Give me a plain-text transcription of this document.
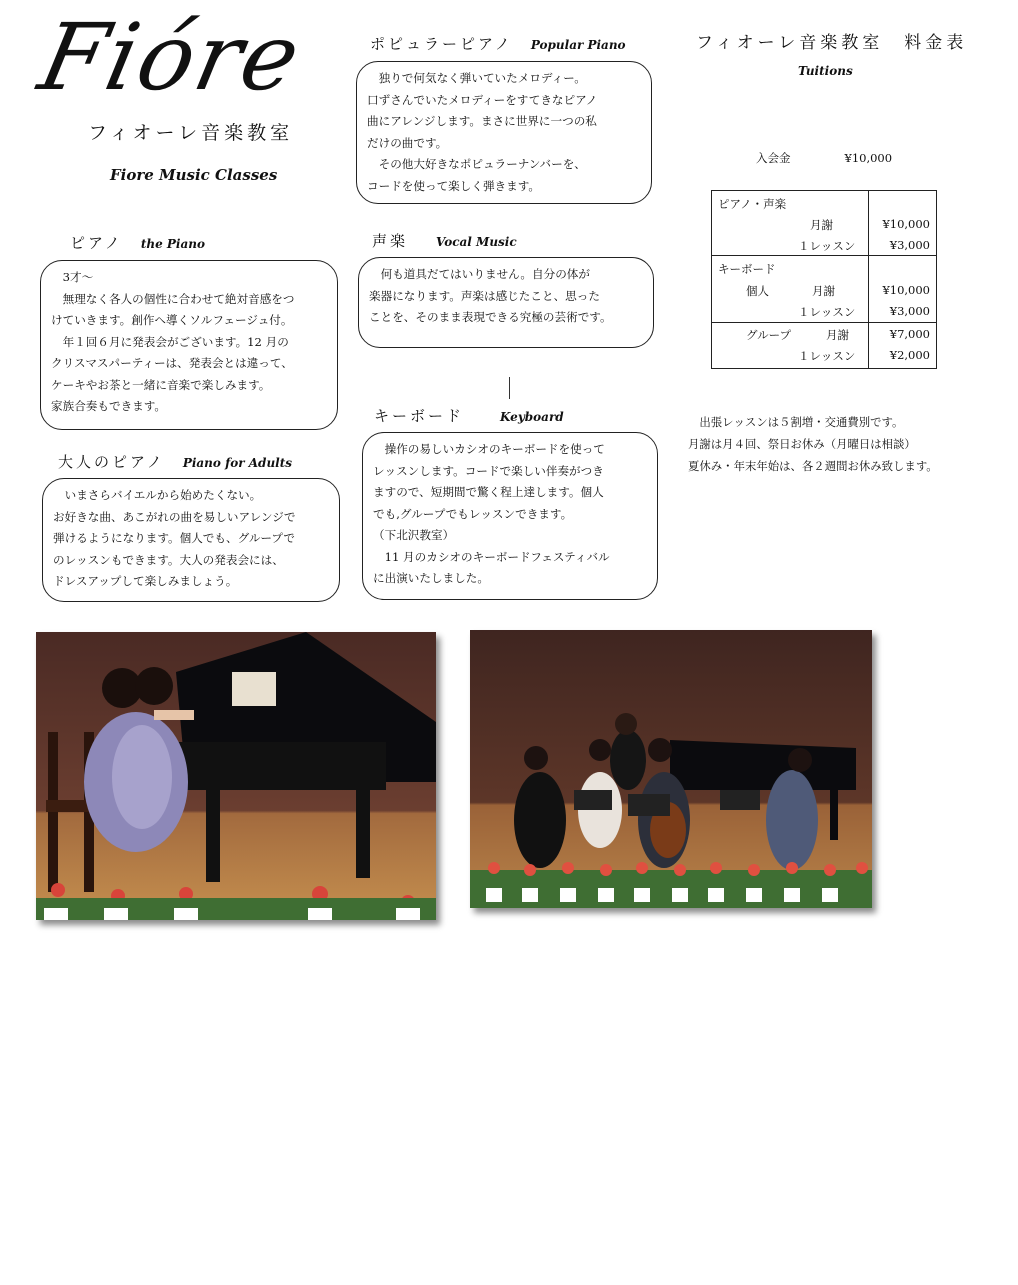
Fióre
フィオーレ音楽教室
Fiore Music Classes
ピアノ the Piano

3才〜

無理なく各人の個性に合わせて絶対音感をつ

けていきます。創作へ導くソルフェージュ付。

年１回６月に発表会がございます。12 月の

クリスマスパーティーは、発表会とは違って、

ケーキやお茶と一緒に音楽で楽しみます。

家族合奏もできます。

大人のピアノ Piano for Adults

いまさらバイエルから始めたくない。

お好きな曲、あこがれの曲を易しいアレンジで

弾けるようになります。個人でも、グループで

のレッスンもできます。大人の発表会には、

ドレスアップして楽しみましょう。

ポピュラーピアノ Popular Piano

独りで何気なく弾いていたメロディー。

口ずさんでいたメロディーをすてきなピアノ

曲にアレンジします。まさに世界に一つの私

だけの曲です。

その他大好きなポピュラーナンバーを、

コードを使って楽しく弾きます。

声楽 Vocal Music

何も道具だてはいりません。自分の体が

楽器になります。声楽は感じたこと、思った

ことを、そのまま表現できる究極の芸術です。

キーボード	Keyboard

操作の易しいカシオのキーボードを使って

レッスンします。コードで楽しい伴奏がつき

ますので、短期間で驚く程上達します。個人

でも,グループでもレッスンできます。

（下北沢教室）

11 月のカシオのキーボードフェスティバル

に出演いたしました。

フィオーレ音楽教室　料金表
Tuitions
入会金	¥10,000
ピアノ・声楽
月謝	¥10,000
１レッスン	¥3,000
キーボード
個人	月謝	¥10,000
１レッスン	¥3,000
グループ	月謝	¥7,000
１レッスン	¥2,000

出張レッスンは５割増・交通費別です。

月謝は月４回、祭日お休み（月曜日は相談）

夏休み・年末年始は、各２週間お休み致します。
